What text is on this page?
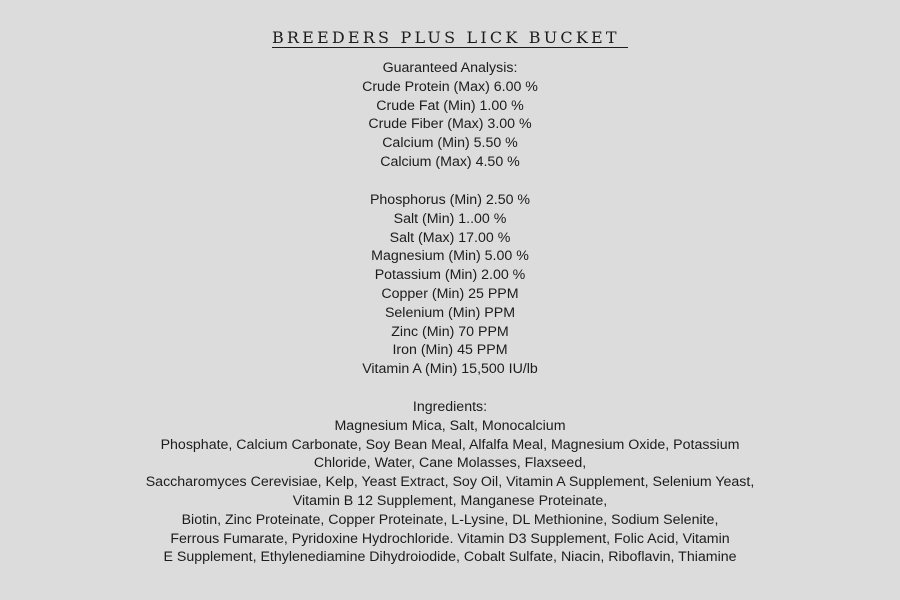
BREEDERS PLUS LICK BUCKET
Guaranteed Analysis:
Crude Protein (Max) 6.00 %
Crude Fat (Min) 1.00 %
Crude Fiber (Max) 3.00 %
Calcium (Min) 5.50 %
Calcium (Max) 4.50 %
Phosphorus (Min) 2.50 %
Salt (Min) 1..00 %
Salt (Max) 17.00 %
Magnesium (Min) 5.00 %
Potassium (Min) 2.00 %
Copper (Min) 25 PPM
Selenium (Min) PPM
Zinc (Min) 70 PPM
Iron (Min) 45 PPM
Vitamin A (Min) 15,500 IU/lb
Ingredients:
Magnesium Mica, Salt, Monocalcium
Phosphate, Calcium Carbonate, Soy Bean Meal, Alfalfa Meal, Magnesium Oxide, Potassium
Chloride, Water, Cane Molasses, Flaxseed,
Saccharomyces Cerevisiae, Kelp, Yeast Extract, Soy Oil, Vitamin A Supplement, Selenium Yeast,
Vitamin B 12 Supplement, Manganese Proteinate,
Biotin, Zinc Proteinate, Copper Proteinate, L-Lysine, DL Methionine, Sodium Selenite,
Ferrous Fumarate, Pyridoxine Hydrochloride. Vitamin D3 Supplement, Folic Acid, Vitamin
E Supplement, Ethylenediamine Dihydroiodide, Cobalt Sulfate, Niacin, Riboflavin, Thiamine
